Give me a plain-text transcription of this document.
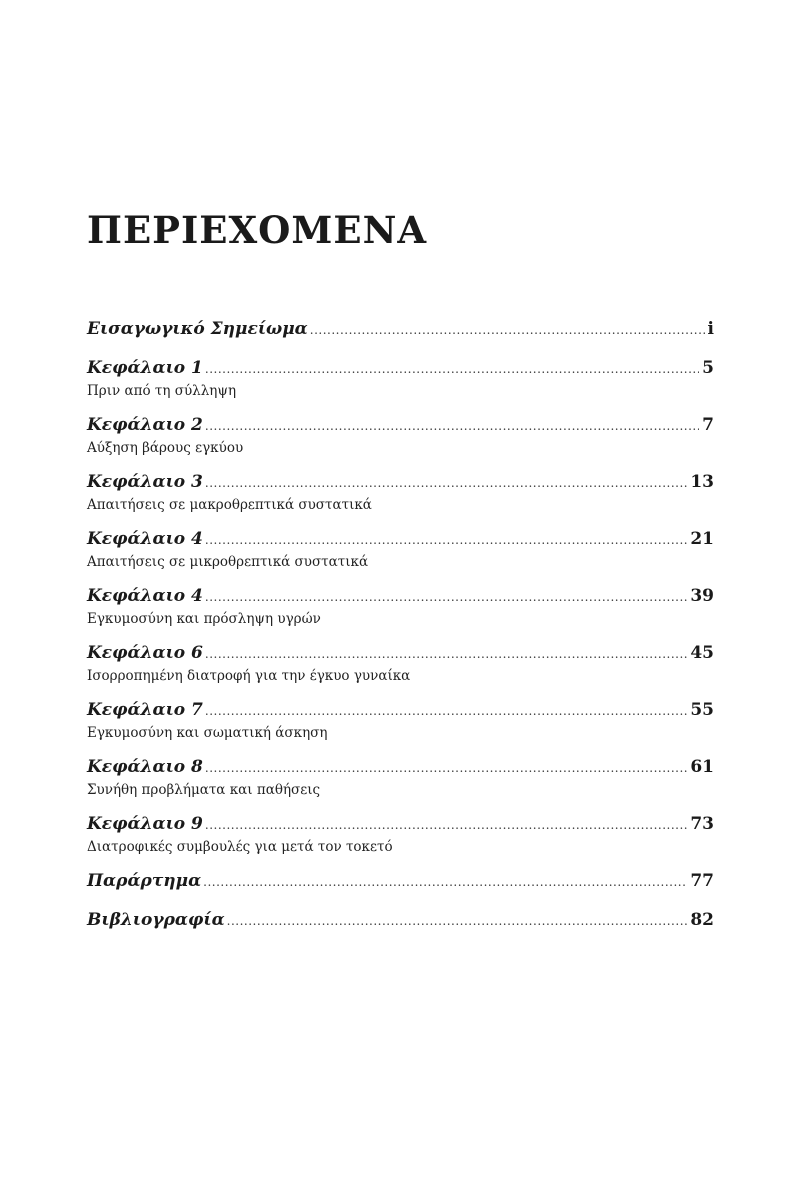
ΠΕΡΙΕΧΟΜΕΝΑ
Εισαγωγικό Σημείωμα .....	i
Κεφάλαιο 1 .....	5
Πριν από τη σύλληψη
Κεφάλαιο 2 .....	7
Αύξηση βάρους εγκύου
Κεφάλαιο 3 .....	13
Απαιτήσεις σε μακροθρεπτικά συστατικά
Κεφάλαιο 4 .....	21
Απαιτήσεις σε μικροθρεπτικά συστατικά
Κεφάλαιο 4 .....	39
Εγκυμοσύνη και πρόσληψη υγρών
Κεφάλαιο 6 .....	45
Ισορροπημένη διατροφή για την έγκυο γυναίκα
Κεφάλαιο 7 .....	55
Εγκυμοσύνη και σωματική άσκηση
Κεφάλαιο 8 .....	61
Συνήθη προβλήματα και παθήσεις
Κεφάλαιο 9 .....	73
Διατροφικές συμβουλές για μετά τον τοκετό
Παράρτημα .....	77
Βιβλιογραφία .....	82
